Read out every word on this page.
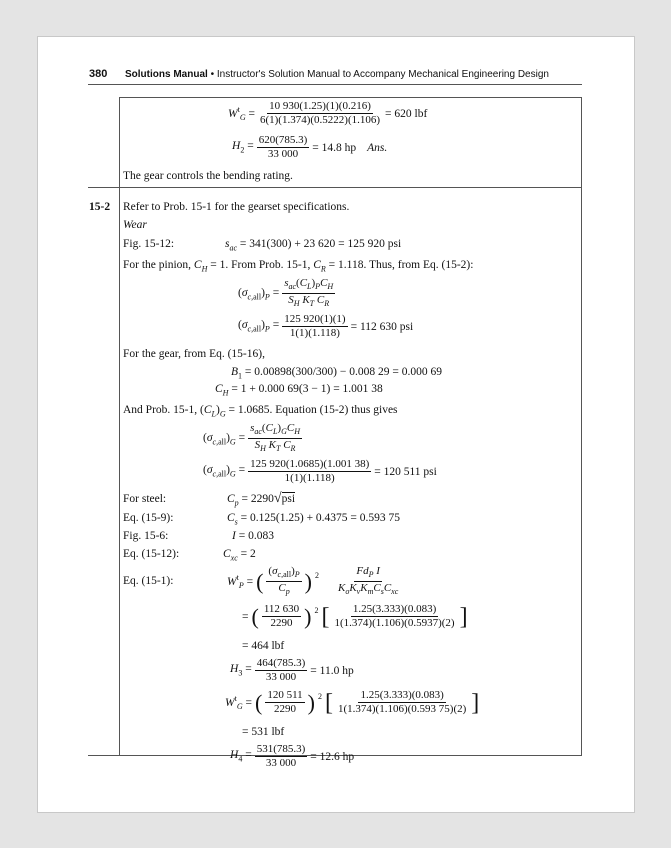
380 Solutions Manual • Instructor's Solution Manual to Accompany Mechanical Engineering Design
$W^t_G = \frac{10 930(1.25)(1)(0.216)}{6(1)(1.374)(0.5222)(1.106)} = 620$ lbf
$H_2 = \frac{620(785.3)}{33 000} = 14.8$ hp Ans.
The gear controls the bending rating.
15-2 Refer to Prob. 15-1 for the gearset specifications.
Wear
Fig. 15-12:	$s_{ac} = 341(300) + 23$ 620 = 125 920 psi
For the pinion, $C_H = 1$. From Prob. 15-1, $C_R = 1.118$. Thus, from Eq. (15-2):
$(\sigma_{c,all})_P = \frac{s_{ac}(C_L)_PC_H}{S_H K_T C_R}$
$(\sigma_{c,all})_P = \frac{125 920(1)(1)}{1(1)(1.118)} = 112$ 630 psi
For the gear, from Eq. (15-16),
$B_1 = 0.00898(300/300) - 0.008$ 29 = 0.000 69
$C_H = 1 + 0.000$ 69(3 − 1) = 1.001 38
And Prob. 15-1, $(C_L)_G = 1.0685$. Equation (15-2) thus gives
$(\sigma_{c,all})_G = \frac{s_{ac}(C_L)_GC_H}{S_H K_T C_R}$
$(\sigma_{c,all})_G = \frac{125 920(1.0685)(1.001 38)}{1(1)(1.118)} = 120$ 511 psi
For steel:	$C_p = 2290√psi$
Eq. (15-9):	$C_s = 0.125(1.25) + 0.4375 = 0.593$ 75
Fig. 15-6:	I = 0.083
Eq. (15-12):	$C_{xc} = 2$
Eq. (15-1):	$W^t_P$ = ( $\frac{(\sigma_{c,all})_P}{C_p}$ ) $2 \frac{Fd_P I}{K_oK_vK_mC_sC_{xc}}$
= ( $\frac{112 630}{2290}$ ) 2 [ $\frac{1.25(3.333)(0.083)}{1(1.374)(1.106)(0.5937)(2)}$ ]
= 464 lbf
$H_3 = \frac{464(785.3)}{33 000} = 11.0$ hp
$W^t_G$ = ( $\frac{120 511}{2290}$ ) 2 [ $\frac{1.25(3.333)(0.083)}{1(1.374)(1.106)(0.593 75)(2)}$ ]
= 531 lbf
$H_4 = \frac{531(785.3)}{33 000} = 12.6$ hp
